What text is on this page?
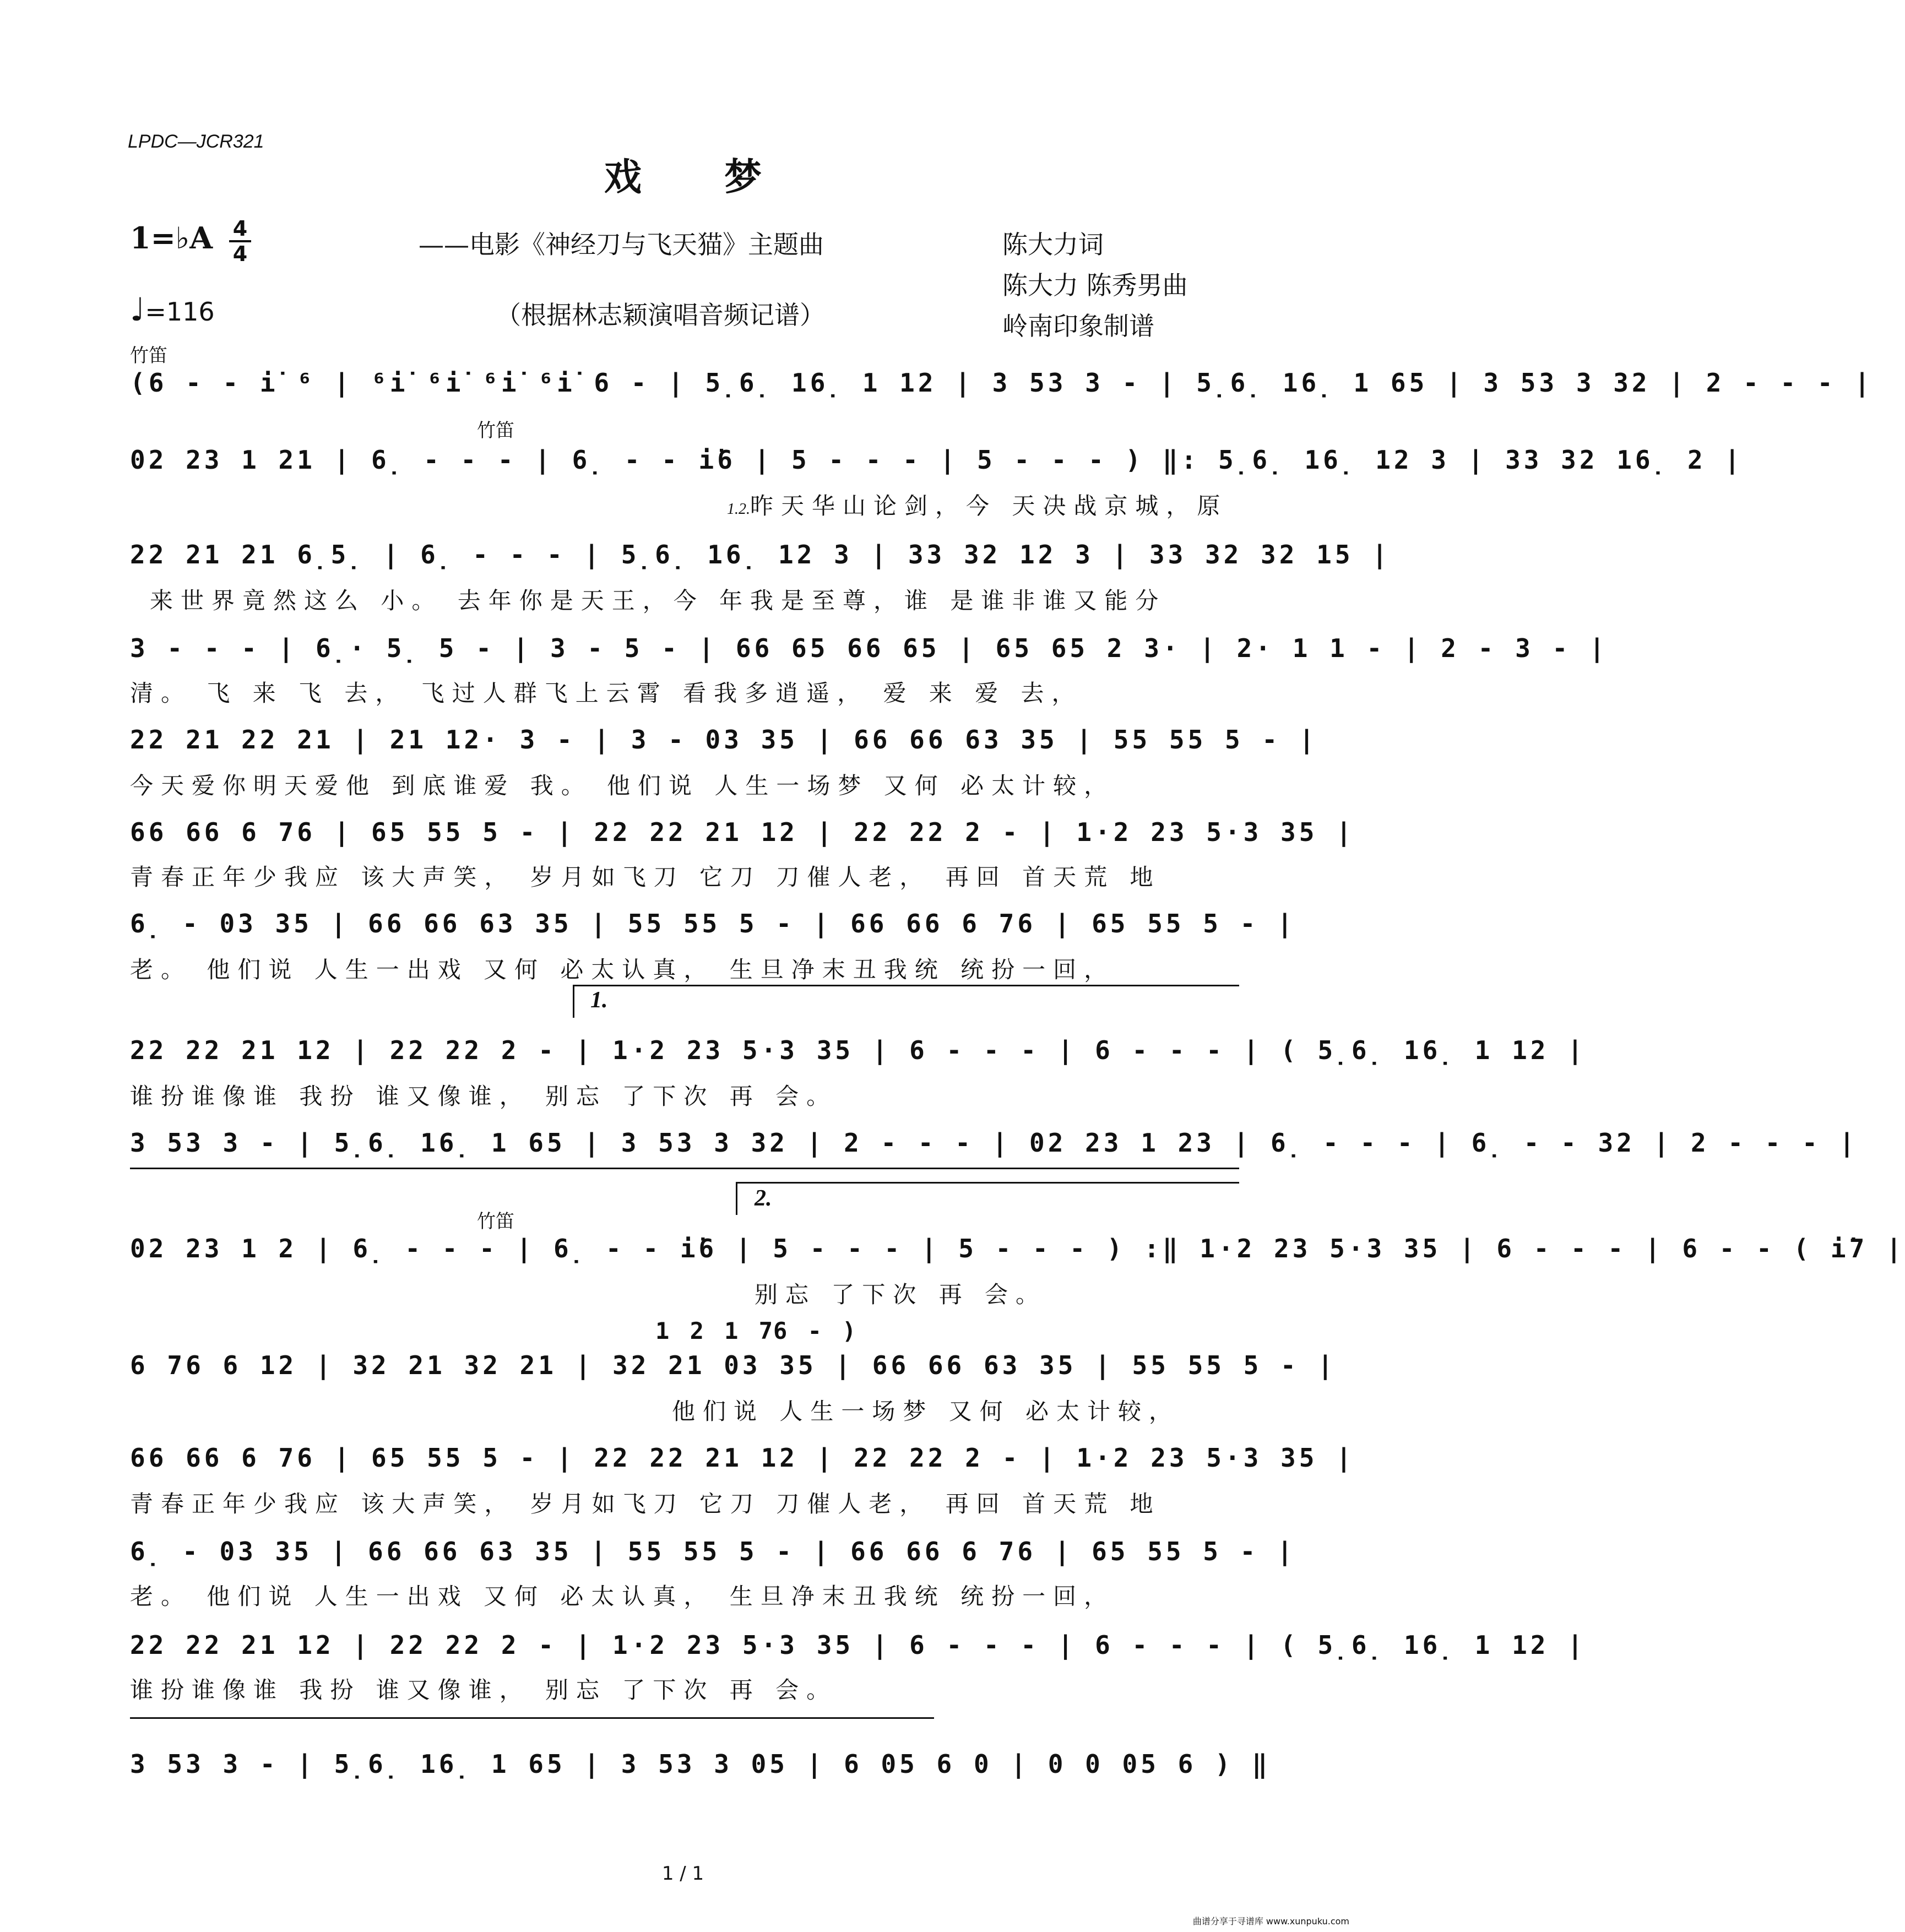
LPDC—JCR321
戏梦
1=♭A 4
4
♩=116
——电影《神经刀与飞天猫》主题曲
（根据林志颖演唱音频记谱）
陈大力词
陈大力 陈秀男曲
岭南印象制谱
竹笛
竹笛
竹笛
1.
2.
1 2 1 7
6 - )
(6 - - i̇ ⁶ | ⁶i̇ ⁶i̇ ⁶i̇ ⁶i̇ 6 - | 5̣6̣ 16̣ 1 12 | 3 53 3 - | 5̣6̣ 16̣ 1 65 | 3 53 3 32 | 2 - - - |
02 23 1 21 | 6̣ - - - | 6̣ - - i̇6 | 5 - - - | 5 - - - ) ‖: 5̣6̣ 16̣ 12 3 | 33 32 16̣ 2 |
1.2.昨天华山论剑，今 天决战京城，原
22 21 21 6̣5̣ | 6̣ - - - | 5̣6̣ 16̣ 12 3 | 33 32 12 3 | 33 32 32 15 |
来世界竟然这么 小。 去年你是天王，今 年我是至尊，谁 是谁非谁又能分
3 - - - | 6̣· 5̣ 5 - | 3 - 5 - | 66 65 66 65 | 65 65 2 3· | 2· 1 1 - | 2 - 3 - |
清。 飞 来 飞 去， 飞过人群飞上云霄 看我多逍遥， 爱 来 爱 去，
22 21 22 21 | 21 12· 3 - | 3 - 03 35 | 66 66 63 35 | 55 55 5 - |
今天爱你明天爱他 到底谁爱 我。 他们说 人生一场梦 又何 必太计较，
66 66 6 76 | 65 55 5 - | 22 22 21 12 | 22 22 2 - | 1·2 23 5·3 35 |
青春正年少我应 该大声笑， 岁月如飞刀 它刀 刀催人老， 再回 首天荒 地
6̣ - 03 35 | 66 66 63 35 | 55 55 5 - | 66 66 6 76 | 65 55 5 - |
老。 他们说 人生一出戏 又何 必太认真， 生旦净末丑我统 统扮一回，
22 22 21 12 | 22 22 2 - | 1·2 23 5·3 35 | 6 - - - | 6 - - - | ( 5̣6̣ 16̣ 1 12 |
谁扮谁像谁 我扮 谁又像谁， 别忘 了下次 再 会。
3 53 3 - | 5̣6̣ 16̣ 1 65 | 3 53 3 32 | 2 - - - | 02 23 1 23 | 6̣ - - - | 6̣ - - 32 | 2 - - - |
02 23 1 2 | 6̣ - - - | 6̣ - - i̇6 | 5 - - - | 5 - - - ) :‖ 1·2 23 5·3 35 | 6 - - - | 6 - - ( i̇7 |
别忘 了下次 再 会。
6 76 6 12 | 32 21 32 21 | 32 21 03 35 | 66 66 63 35 | 55 55 5 - |
他们说 人生一场梦 又何 必太计较，
66 66 6 76 | 65 55 5 - | 22 22 21 12 | 22 22 2 - | 1·2 23 5·3 35 |
青春正年少我应 该大声笑， 岁月如飞刀 它刀 刀催人老， 再回 首天荒 地
6̣ - 03 35 | 66 66 63 35 | 55 55 5 - | 66 66 6 76 | 65 55 5 - |
老。 他们说 人生一出戏 又何 必太认真， 生旦净末丑我统 统扮一回，
22 22 21 12 | 22 22 2 - | 1·2 23 5·3 35 | 6 - - - | 6 - - - | ( 5̣6̣ 16̣ 1 12 |
谁扮谁像谁 我扮 谁又像谁， 别忘 了下次 再 会。
3 53 3 - | 5̣6̣ 16̣ 1 65 | 3 53 3 05 | 6 05 6 0 | 0 0 05 6 ) ‖
1 / 1
曲谱分享于寻谱库 www.xunpuku.com
